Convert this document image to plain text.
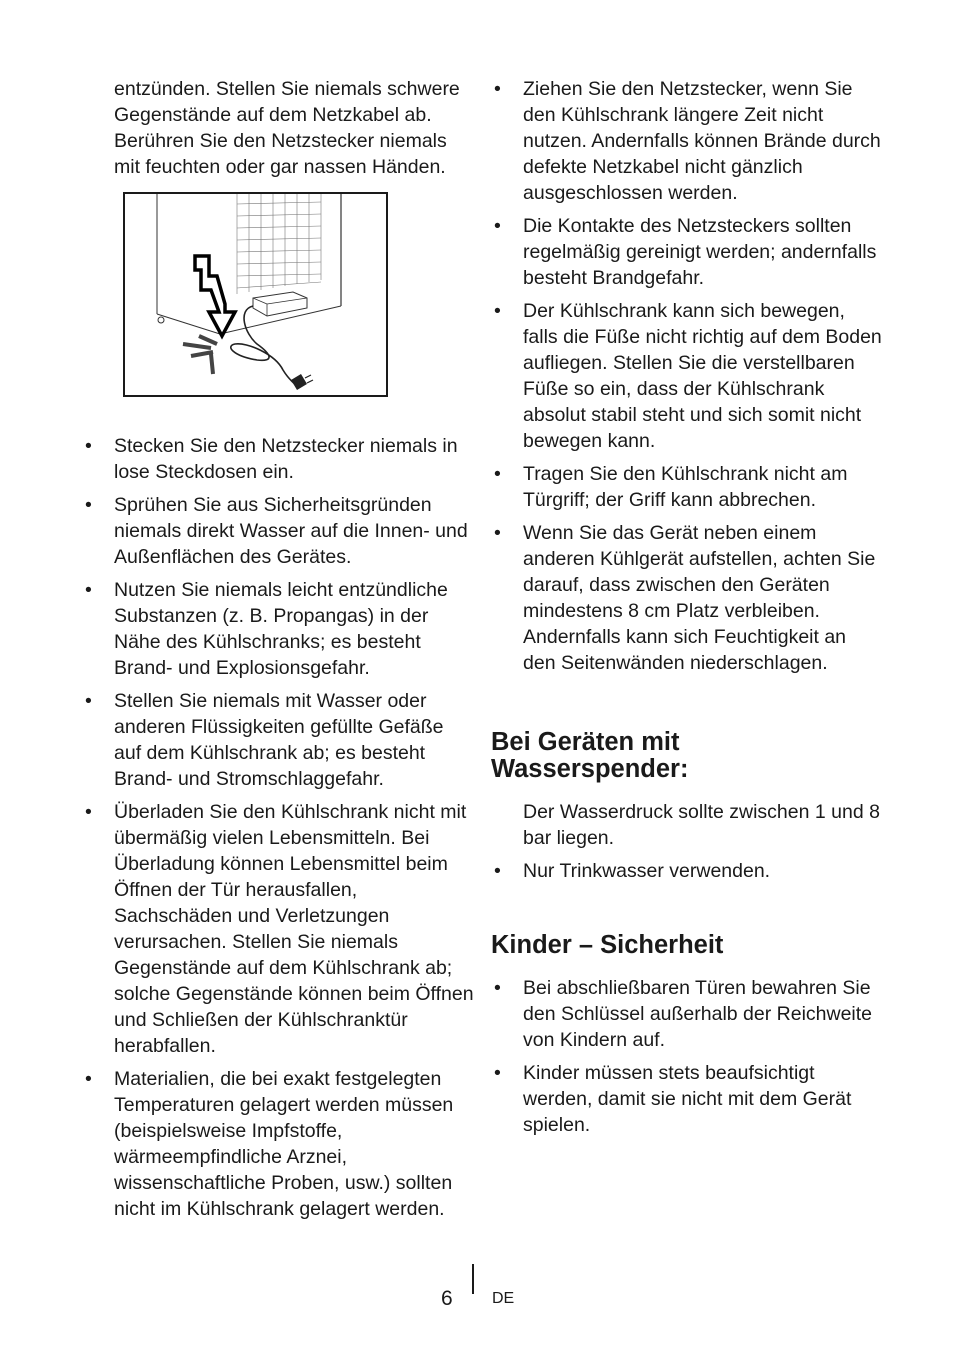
entzünden. Stellen Sie niemals schwere Gegenstände auf dem Netzkabel ab. Berühren Sie den Netzstecker niemals mit feuchten oder gar nassen Händen.

• Stecken Sie den Netzstecker niemals in lose Steckdosen ein.
• Sprühen Sie aus Sicherheitsgründen niemals direkt Wasser auf die Innen- und Außenflächen des Gerätes.
• Nutzen Sie niemals leicht entzündliche Substanzen (z. B. Propangas) in der Nähe des Kühlschranks; es besteht Brand- und Explosionsgefahr.
• Stellen Sie niemals mit Wasser oder anderen Flüssigkeiten gefüllte Gefäße auf dem Kühlschrank ab; es besteht Brand- und Stromschlaggefahr.
• Überladen Sie den Kühlschrank nicht mit übermäßig vielen Lebensmitteln. Bei Überladung können Lebensmittel beim Öffnen der Tür herausfallen, Sachschäden und Verletzungen verursachen. Stellen Sie niemals Gegenstände auf dem Kühlschrank ab; solche Gegenstände können beim Öffnen und Schließen der Kühlschranktür herabfallen.
• Materialien, die bei exakt festgelegten Temperaturen gelagert werden müssen (beispielsweise Impfstoffe, wärmeempfindliche Arznei, wissenschaftliche Proben, usw.) sollten nicht im Kühlschrank gelagert werden.
• Ziehen Sie den Netzstecker, wenn Sie den Kühlschrank längere Zeit nicht nutzen. Andernfalls können Brände durch defekte Netzkabel nicht gänzlich ausgeschlossen werden.
• Die Kontakte des Netzsteckers sollten regelmäßig gereinigt werden; andernfalls besteht Brandgefahr.
• Der Kühlschrank kann sich bewegen, falls die Füße nicht richtig auf dem Boden aufliegen. Stellen Sie die verstellbaren Füße so ein, dass der Kühlschrank absolut stabil steht und sich somit nicht bewegen kann.
• Tragen Sie den Kühlschrank nicht am Türgriff; der Griff kann abbrechen.
• Wenn Sie das Gerät neben einem anderen Kühlgerät aufstellen, achten Sie darauf, dass zwischen den Geräten mindestens 8 cm Platz verbleiben. Andernfalls kann sich Feuchtigkeit an den Seitenwänden niederschlagen.
Bei Geräten mit Wasserspender:

Der Wasserdruck sollte zwischen 1 und 8 bar liegen.

• Nur Trinkwasser verwenden.
Kinder – Sicherheit
• Bei abschließbaren Türen bewahren Sie den Schlüssel außerhalb der Reichweite von Kindern auf.
• Kinder müssen stets beaufsichtigt werden, damit sie nicht mit dem Gerät spielen.
6 DE
